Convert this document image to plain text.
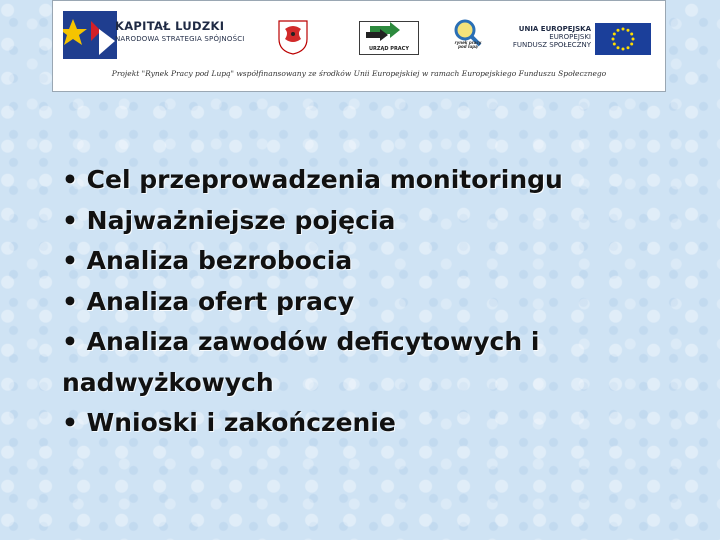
KAPITAŁ LUDZKI
NARODOWA STRATEGIA SPÓJNOŚCI
URZĄD PRACY
rynek pracy pod lupą
UNIA EUROPEJSKA
EUROPEJSKI
FUNDUSZ SPOŁECZNY
Projekt "Rynek Pracy pod Lupą" współfinansowany ze środków Unii Europejskiej w ramach Europejskiego Funduszu Społecznego
• Cel przeprowadzenia monitoringu
• Najważniejsze pojęcia
• Analiza bezrobocia
• Analiza ofert pracy
• Analiza zawodów deficytowych i nadwyżkowych
• Wnioski i zakończenie
